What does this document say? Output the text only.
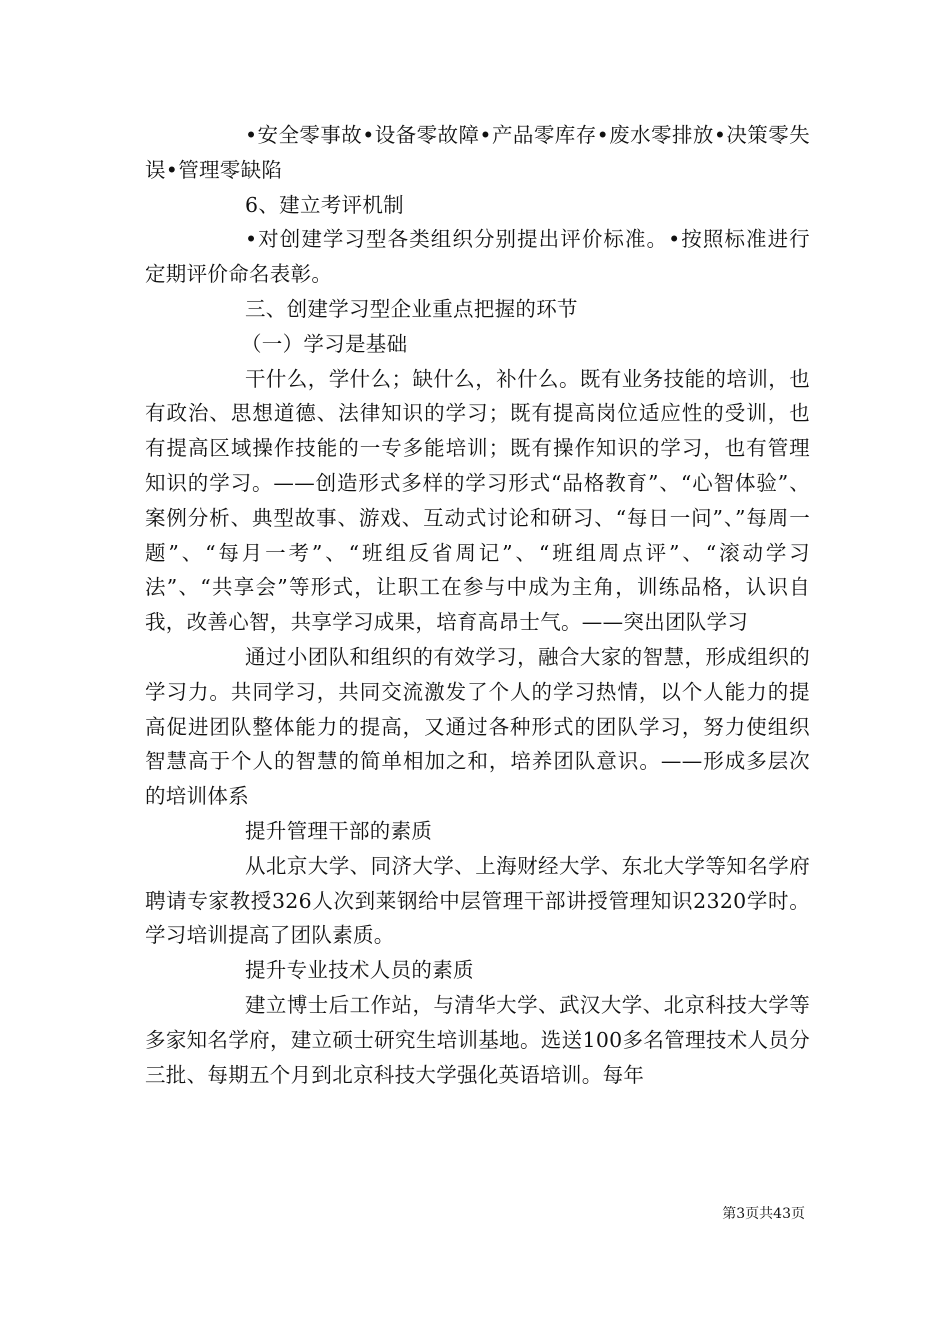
•安全零事故•设备零故障•产品零库存•废水零排放•决策零失误•管理零缺陷

6、建立考评机制

•对创建学习型各类组织分别提出评价标准。•按照标准进行定期评价命名表彰。

三、创建学习型企业重点把握的环节

（一）学习是基础

干什么，学什么；缺什么，补什么。既有业务技能的培训，也有政治、思想道德、法律知识的学习；既有提高岗位适应性的受训，也有提高区域操作技能的一专多能培训；既有操作知识的学习，也有管理知识的学习。——创造形式多样的学习形式“品格教育”、“心智体验”、案例分析、典型故事、游戏、互动式讨论和研习、“每日一问”、”每周一题”、“每月一考”、“班组反省周记”、“班组周点评”、“滚动学习法”、“共享会”等形式，让职工在参与中成为主角，训练品格，认识自我，改善心智，共享学习成果，培育高昂士气。——突出团队学习

通过小团队和组织的有效学习，融合大家的智慧，形成组织的学习力。共同学习，共同交流激发了个人的学习热情，以个人能力的提高促进团队整体能力的提高，又通过各种形式的团队学习，努力使组织智慧高于个人的智慧的简单相加之和，培养团队意识。——形成多层次的培训体系

提升管理干部的素质

从北京大学、同济大学、上海财经大学、东北大学等知名学府聘请专家教授326人次到莱钢给中层管理干部讲授管理知识2320学时。学习培训提高了团队素质。

提升专业技术人员的素质

建立博士后工作站，与清华大学、武汉大学、北京科技大学等多家知名学府，建立硕士研究生培训基地。选送100多名管理技术人员分三批、每期五个月到北京科技大学强化英语培训。每年

第3页共43页
